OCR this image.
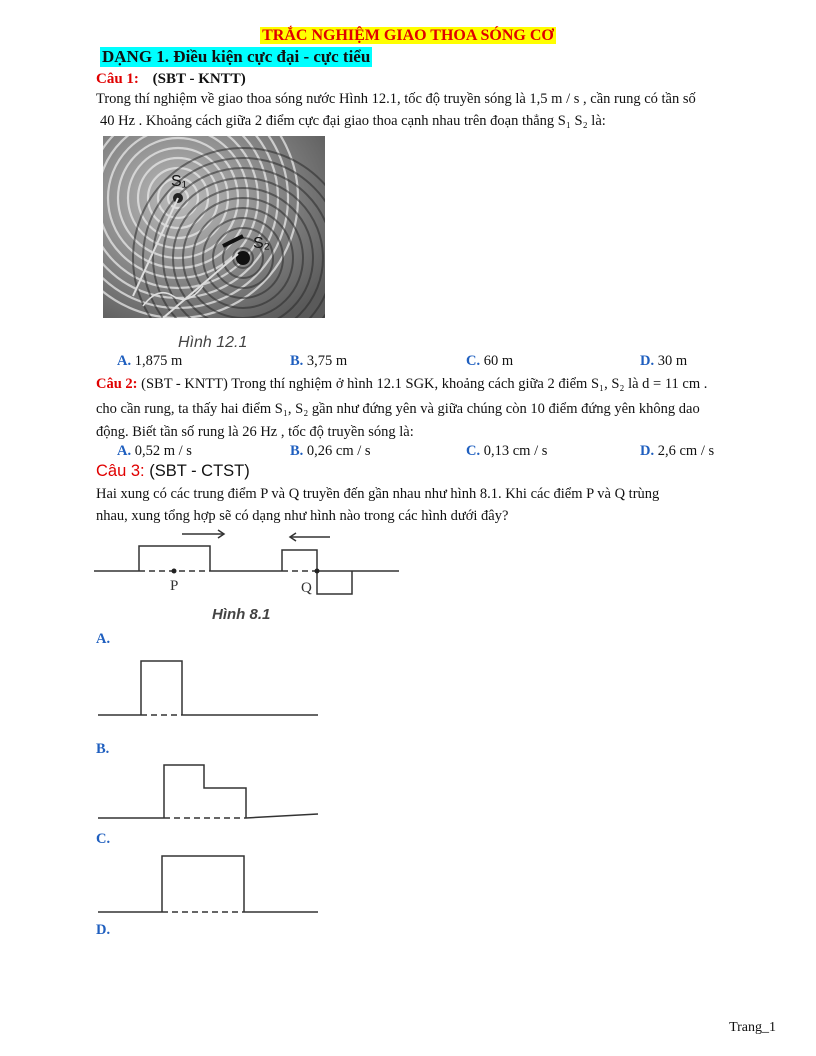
TRẮC NGHIỆM GIAO THOA SÓNG CƠ
DẠNG 1. Điều kiện cực đại - cực tiểu
Câu 1: (SBT - KNTT)
Trong thí nghiệm về giao thoa sóng nước Hình 12.1, tốc độ truyền sóng là 1,5 m / s , cần rung có tần số
40 Hz . Khoảng cách giữa 2 điểm cực đại giao thoa cạnh nhau trên đoạn thẳng S₁ S₂ là:
S₁
S₂
Hình 12.1
A. 1,875 m	B. 3,75 m	C. 60 m	D. 30 m
Câu 2: (SBT - KNTT) Trong thí nghiệm ở hình 12.1 SGK, khoảng cách giữa 2 điểm S₁, S₂ là d = 11 cm .
cho cần rung, ta thấy hai điểm S₁, S₂ gần như đứng yên và giữa chúng còn 10 điểm đứng yên không dao
động. Biết tần số rung là 26 Hz , tốc độ truyền sóng là:
A. 0,52 m / s	B. 0,26 cm / s	C. 0,13 cm / s	D. 2,6 cm / s
Câu 3: (SBT - CTST)
Hai xung có các trung điểm P và Q truyền đến gần nhau như hình 8.1. Khi các điểm P và Q trùng
nhau, xung tổng hợp sẽ có dạng như hình nào trong các hình dưới đây?
P	Q
Hình 8.1
A.
B.
C.
D.
Trang_1
